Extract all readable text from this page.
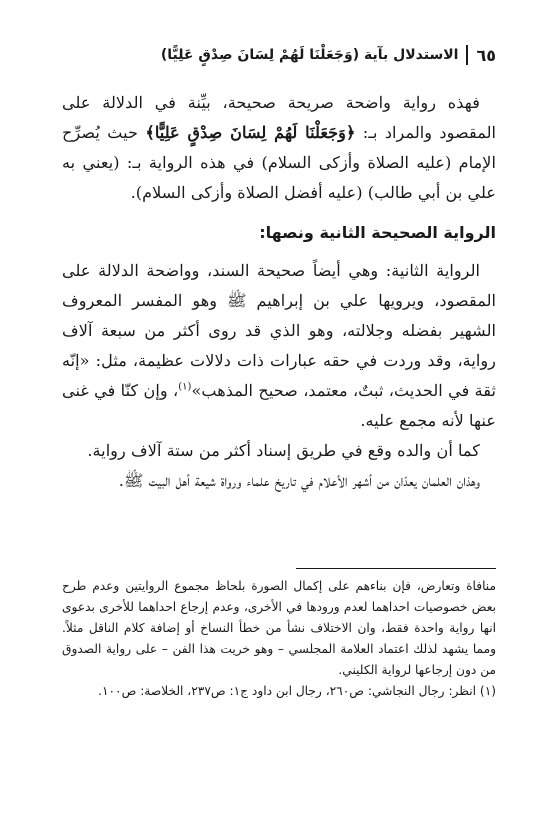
٦٥
الاستدلال بآية (وَجَعَلْنَا لَهُمْ لِسَانَ صِدْقٍ عَلِيًّا)

فهذه رواية واضحة صريحة صحيحة، بيِّنة في الدلالة على المقصود والمراد بـ: ﴿وَجَعَلْنَا لَهُمْ لِسَانَ صِدْقٍ عَلِيًّا﴾ حيث يُصرِّح الإمام (عليه الصلاة وأزكى السلام) في هذه الرواية بـ: (يعني به علي بن أبي طالب) (عليه أفضل الصلاة وأزكى السلام).

الرواية الصحيحة الثانية ونصها:

الرواية الثانية: وهي أيضاً صحيحة السند، وواضحة الدلالة على المقصود، ويرويها علي بن إبراهيم ﷺ وهو المفسر المعروف الشهير بفضله وجلالته، وهو الذي قد روى أكثر من سبعة آلاف رواية، وقد وردت في حقه عبارات ذات دلالات عظيمة، مثل: «إنّه ثقة في الحديث، ثبتٌ، معتمد، صحيح المذهب»$^{(١)}$، وإن كنّا في غنى عنها لأنه مجمع عليه.

كما أن والده وقع في طريق إسناد أكثر من ستة آلاف رواية.

وهذان العلمان يعدّان من أشهر الأعلام في تاريخ علماء ورواة شيعة أهل البيت ﷺ.

منافاة وتعارض، فإن بناءهم على إكمال الصورة بلحاظ مجموع الروايتين وعدم طرح بعض خصوصيات احداهما لعدم ورودها في الأخرى، وعدم إرجاع احداهما للأخرى بدعوى انها رواية واحدة فقط، وان الاختلاف نشأ من خطأ النساخ أو إضافة كلام الناقل مثلاً. ومما يشهد لذلك اعتماد العلامة المجلسي – وهو خريت هذا الفن – على رواية الصدوق من دون إرجاعها لرواية الكليني.

(١) انظر: رجال النجاشي: ص٢٦٠، رجال ابن داود ج١: ص٢٣٧، الخلاصة: ص١٠٠.
